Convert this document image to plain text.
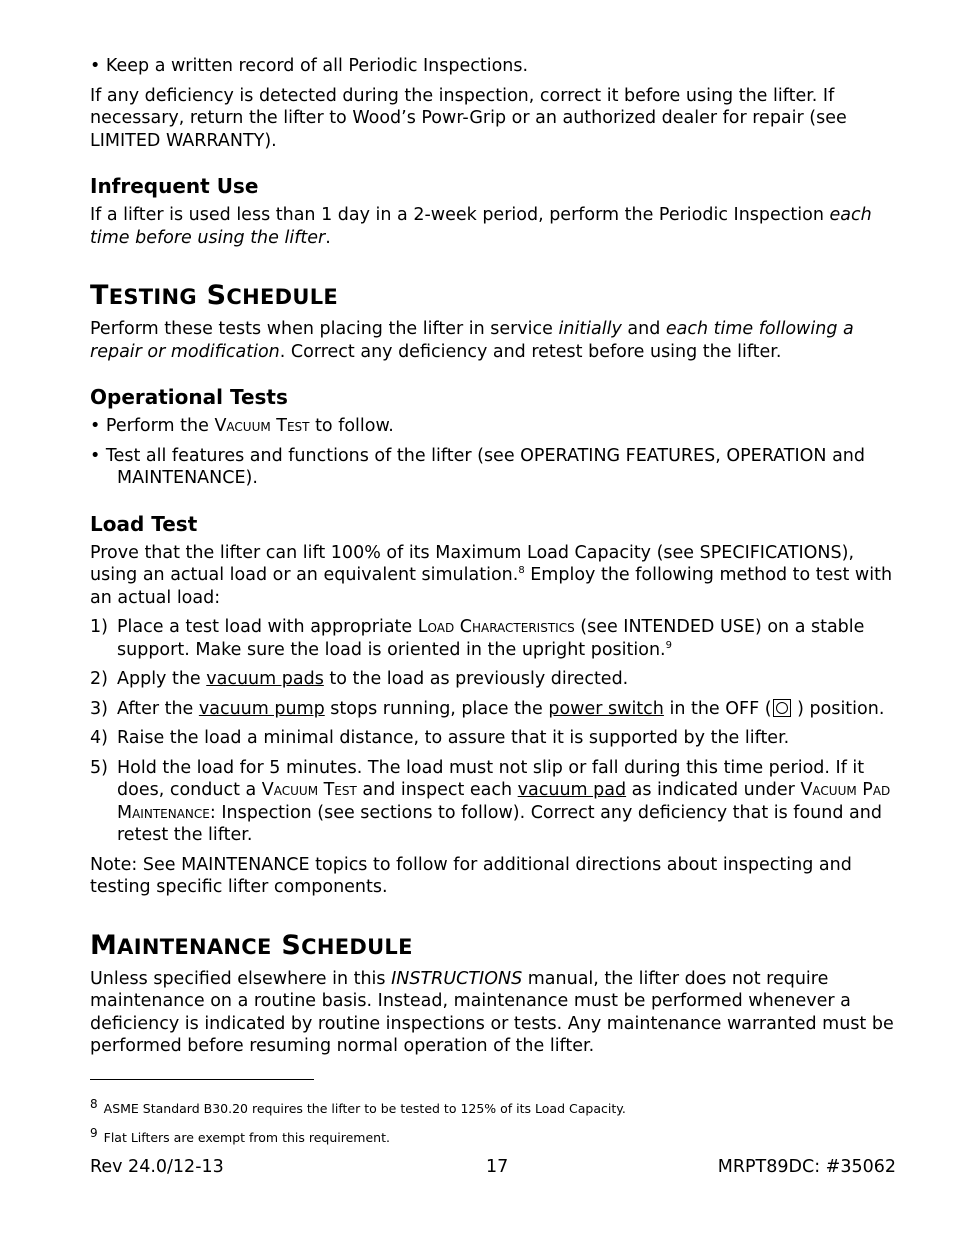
• Keep a written record of all Periodic Inspections.

If any deficiency is detected during the inspection, correct it before using the lifter. If necessary, return the lifter to Wood’s Powr-Grip or an authorized dealer for repair (see LIMITED WARRANTY).

Infrequent Use

If a lifter is used less than 1 day in a 2-week period, perform the Periodic Inspection each time before using the lifter.

TESTING SCHEDULE

Perform these tests when placing the lifter in service initially and each time following a repair or modification. Correct any deficiency and retest before using the lifter.

Operational Tests

• Perform the Vacuum Test to follow.

• Test all features and functions of the lifter (see OPERATING FEATURES, OPERATION and
MAINTENANCE).

Load Test

Prove that the lifter can lift 100% of its Maximum Load Capacity (see SPECIFICATIONS), using an actual load or an equivalent simulation.$^8$ Employ the following method to test with an actual load:

1) Place a test load with appropriate Load Characteristics (see INTENDED USE) on a stable support. Make sure the load is oriented in the upright position.$^9$

2) Apply the vacuum pads to the load as previously directed.

3) After the vacuum pump stops running, place the power switch in the OFF ( ) position.

4) Raise the load a minimal distance, to assure that it is supported by the lifter.

5) Hold the load for 5 minutes. The load must not slip or fall during this time period. If it does, conduct a Vacuum Test and inspect each vacuum pad as indicated under Vacuum Pad Maintenance: Inspection (see sections to follow). Correct any deficiency that is found and retest the lifter.

Note: See MAINTENANCE topics to follow for additional directions about inspecting and testing specific lifter components.

MAINTENANCE SCHEDULE

Unless specified elsewhere in this INSTRUCTIONS manual, the lifter does not require maintenance on a routine basis. Instead, maintenance must be performed whenever a deficiency is indicated by routine inspections or tests. Any maintenance warranted must be performed before resuming normal operation of the lifter.

8 ASME Standard B30.20 requires the lifter to be tested to 125% of its Load Capacity.

9 Flat Lifters are exempt from this requirement.

Rev 24.0/12-13	17	MRPT89DC: #35062
